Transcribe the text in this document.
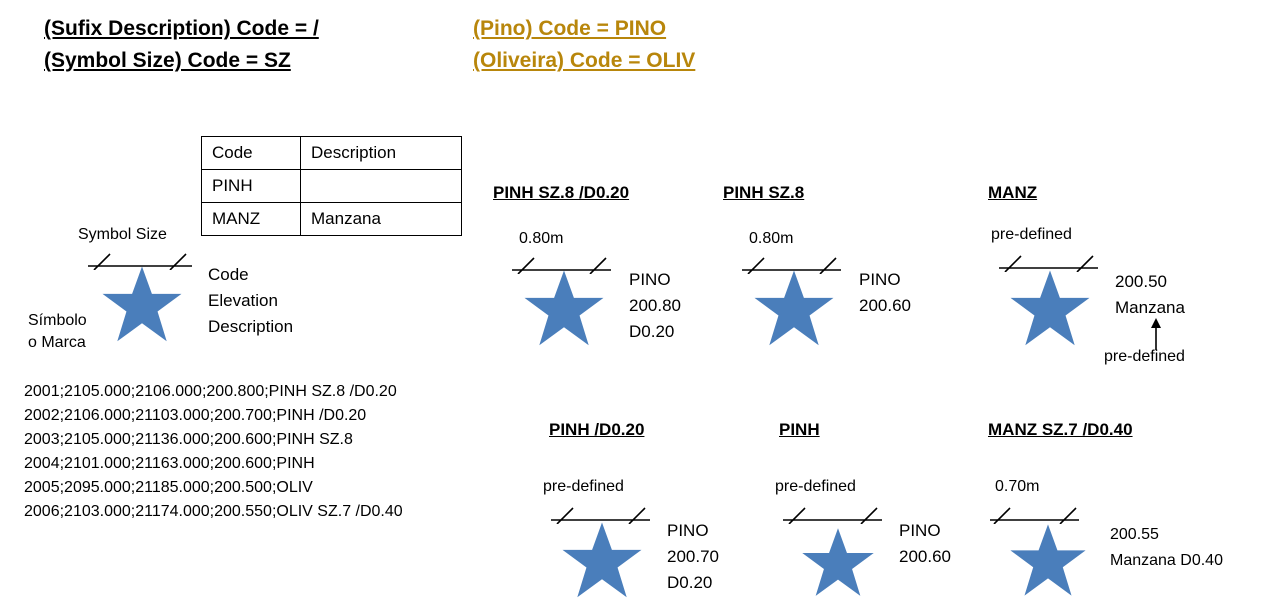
(Sufix Description) Code = /
(Symbol Size) Code = SZ
(Pino) Code = PINO
(Oliveira) Code = OLIV
Code	Description
PINH	
MANZ	Manzana
Symbol Size
Símbolo
o Marca
Code
Elevation
Description
2001;2105.000;2106.000;200.800;PINH SZ.8 /D0.20
2002;2106.000;21103.000;200.700;PINH /D0.20
2003;2105.000;21136.000;200.600;PINH SZ.8
2004;2101.000;21163.000;200.600;PINH
2005;2095.000;21185.000;200.500;OLIV
2006;2103.000;21174.000;200.550;OLIV SZ.7 /D0.40
PINH SZ.8 /D0.20
0.80m
PINO
200.80
D0.20
PINH SZ.8
0.80m
PINO
200.60
MANZ
pre-defined
200.50
Manzana
pre-defined
PINH /D0.20
pre-defined
PINO
200.70
D0.20
PINH
pre-defined
PINO
200.60
MANZ SZ.7 /D0.40
0.70m
200.55
Manzana D0.40
